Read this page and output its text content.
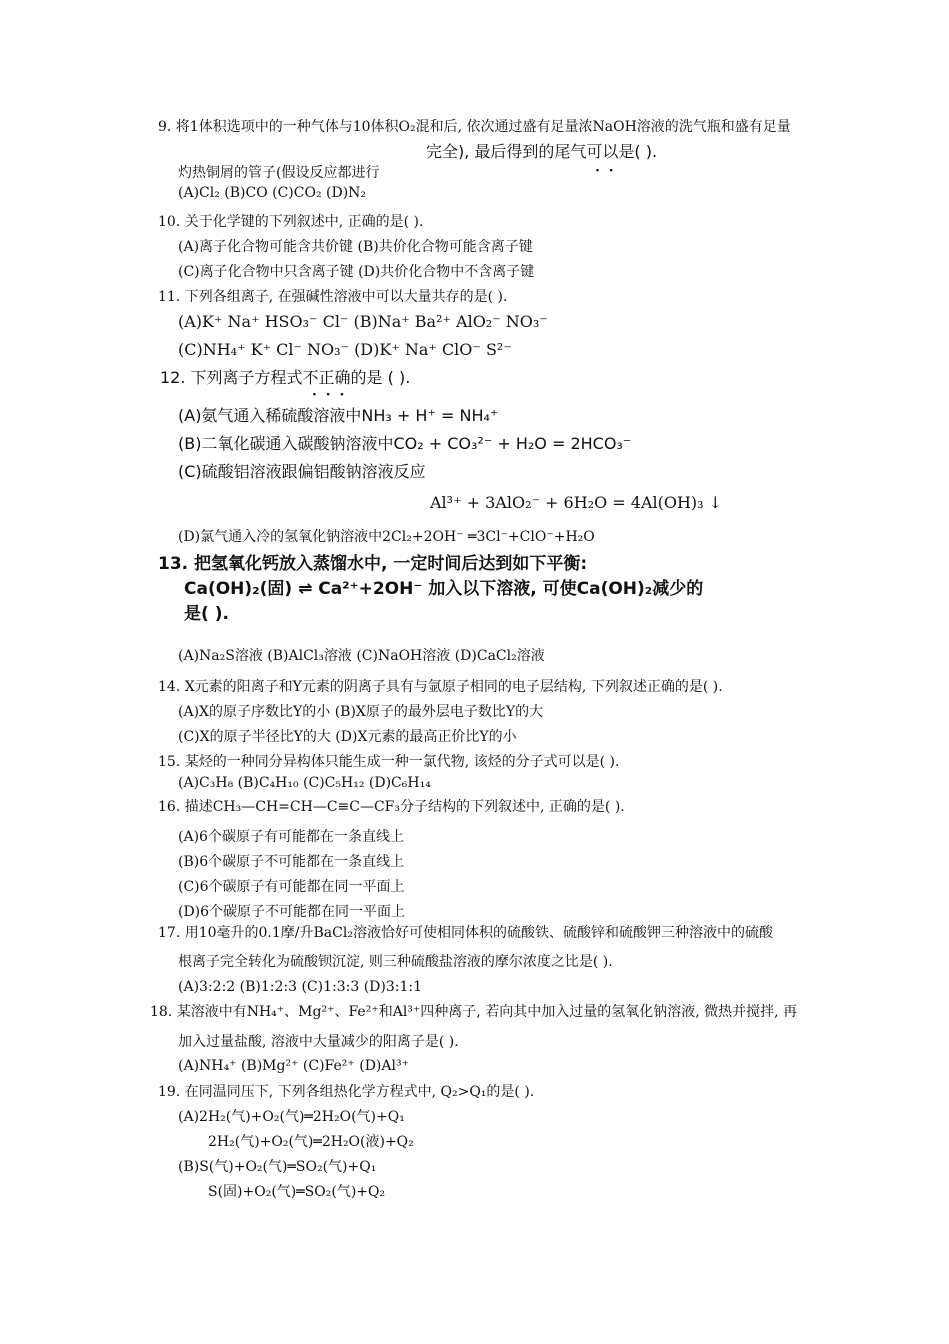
9. 将1体积选项中的一种气体与10体积O₂混和后, 依次通过盛有足量浓NaOH溶液的洗气瓶和盛有足量
完全), 最后得到的尾气可以是( ).
· ·
灼热铜屑的管子(假设反应都进行
(A)Cl₂ (B)CO (C)CO₂ (D)N₂
10. 关于化学键的下列叙述中, 正确的是( ).
(A)离子化合物可能含共价键 (B)共价化合物可能含离子键
(C)离子化合物中只含离子键 (D)共价化合物中不含离子键
11. 下列各组离子, 在强碱性溶液中可以大量共存的是( ).
(A)K⁺ Na⁺ HSO₃⁻ Cl⁻ (B)Na⁺ Ba²⁺ AlO₂⁻ NO₃⁻
(C)NH₄⁺ K⁺ Cl⁻ NO₃⁻ (D)K⁺ Na⁺ ClO⁻ S²⁻
12. 下列离子方程式不正确的是 ( ).
· · ·
(A)氨气通入稀硫酸溶液中NH₃ + H⁺ = NH₄⁺
(B)二氧化碳通入碳酸钠溶液中CO₂ + CO₃²⁻ + H₂O = 2HCO₃⁻
(C)硫酸铝溶液跟偏铝酸钠溶液反应
Al³⁺ + 3AlO₂⁻ + 6H₂O = 4Al(OH)₃ ↓
(D)氯气通入冷的氢氧化钠溶液中2Cl₂+2OH⁻ ═3Cl⁻+ClO⁻+H₂O
13. 把氢氧化钙放入蒸馏水中, 一定时间后达到如下平衡:
Ca(OH)₂(固) ⇌ Ca²⁺+2OH⁻ 加入以下溶液, 可使Ca(OH)₂减少的
是( ).
(A)Na₂S溶液 (B)AlCl₃溶液 (C)NaOH溶液 (D)CaCl₂溶液
14. X元素的阳离子和Y元素的阴离子具有与氩原子相同的电子层结构, 下列叙述正确的是( ).
(A)X的原子序数比Y的小 (B)X原子的最外层电子数比Y的大
(C)X的原子半径比Y的大 (D)X元素的最高正价比Y的小
15. 某烃的一种同分异构体只能生成一种一氯代物, 该烃的分子式可以是( ).
(A)C₃H₈ (B)C₄H₁₀ (C)C₅H₁₂ (D)C₆H₁₄
16. 描述CH₃—CH=CH—C≡C—CF₃分子结构的下列叙述中, 正确的是( ).
(A)6个碳原子有可能都在一条直线上
(B)6个碳原子不可能都在一条直线上
(C)6个碳原子有可能都在同一平面上
(D)6个碳原子不可能都在同一平面上
17. 用10毫升的0.1摩/升BaCl₂溶液恰好可使相同体积的硫酸铁、硫酸锌和硫酸钾三种溶液中的硫酸
根离子完全转化为硫酸钡沉淀, 则三种硫酸盐溶液的摩尔浓度之比是( ).
(A)3:2:2 (B)1:2:3 (C)1:3:3 (D)3:1:1
18. 某溶液中有NH₄⁺、Mg²⁺、Fe²⁺和Al³⁺四种离子, 若向其中加入过量的氢氧化钠溶液, 微热并搅拌, 再
加入过量盐酸, 溶液中大量减少的阳离子是( ).
(A)NH₄⁺ (B)Mg²⁺ (C)Fe²⁺ (D)Al³⁺
19. 在同温同压下, 下列各组热化学方程式中, Q₂>Q₁的是( ).
(A)2H₂(气)+O₂(气)═2H₂O(气)+Q₁
2H₂(气)+O₂(气)═2H₂O(液)+Q₂
(B)S(气)+O₂(气)═SO₂(气)+Q₁
S(固)+O₂(气)═SO₂(气)+Q₂
